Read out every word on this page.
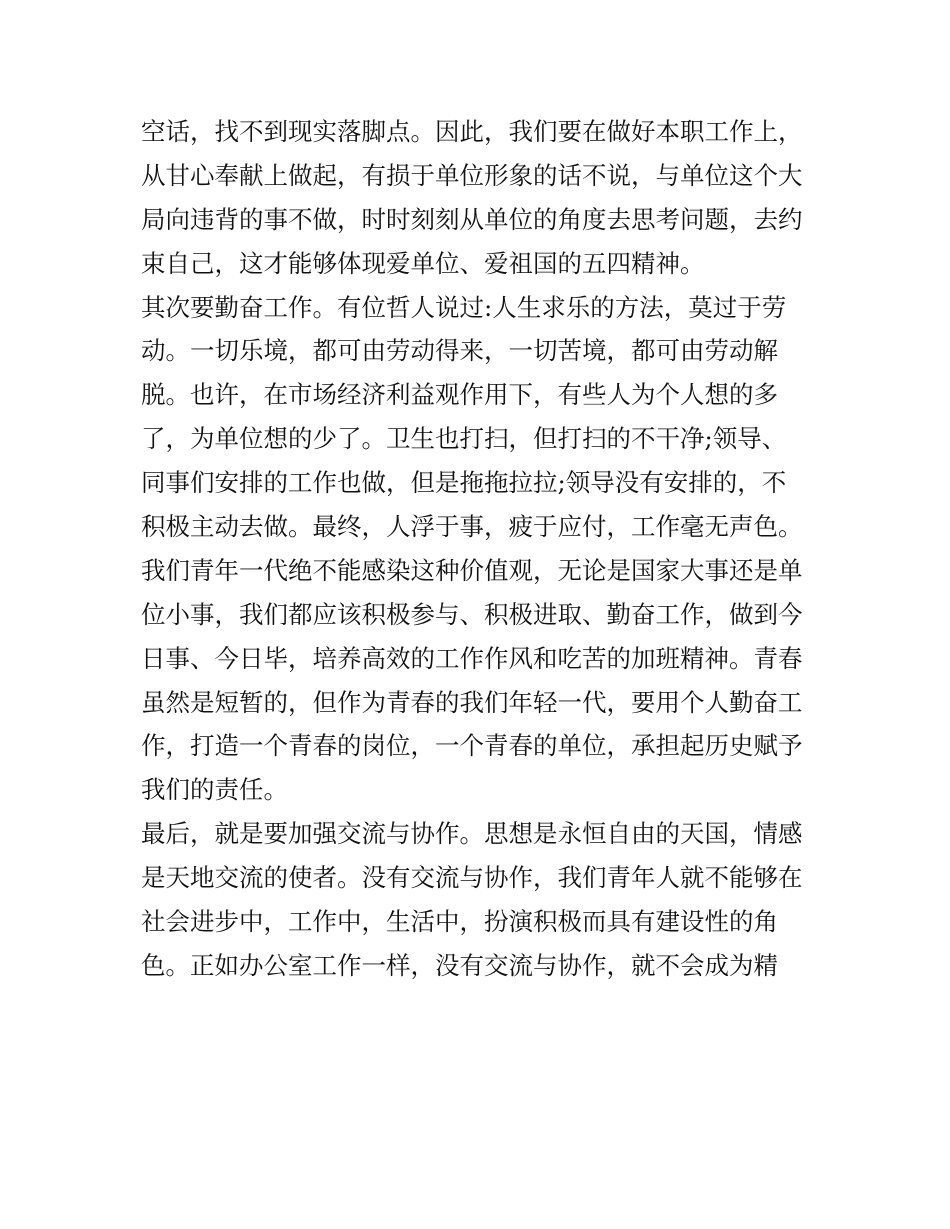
空话，找不到现实落脚点。因此，我们要在做好本职工作上，
从甘心奉献上做起，有损于单位形象的话不说，与单位这个大
局向违背的事不做，时时刻刻从单位的角度去思考问题，去约
束自己，这才能够体现爱单位、爱祖国的五四精神。
其次要勤奋工作。有位哲人说过:人生求乐的方法，莫过于劳
动。一切乐境，都可由劳动得来，一切苦境，都可由劳动解
脱。也许，在市场经济利益观作用下，有些人为个人想的多
了，为单位想的少了。卫生也打扫，但打扫的不干净;领导、
同事们安排的工作也做，但是拖拖拉拉;领导没有安排的，不
积极主动去做。最终，人浮于事，疲于应付，工作毫无声色。
我们青年一代绝不能感染这种价值观，无论是国家大事还是单
位小事，我们都应该积极参与、积极进取、勤奋工作，做到今
日事、今日毕，培养高效的工作作风和吃苦的加班精神。青春
虽然是短暂的，但作为青春的我们年轻一代，要用个人勤奋工
作，打造一个青春的岗位，一个青春的单位，承担起历史赋予
我们的责任。
最后，就是要加强交流与协作。思想是永恒自由的天国，情感
是天地交流的使者。没有交流与协作，我们青年人就不能够在
社会进步中，工作中，生活中，扮演积极而具有建设性的角
色。正如办公室工作一样，没有交流与协作，就不会成为精
